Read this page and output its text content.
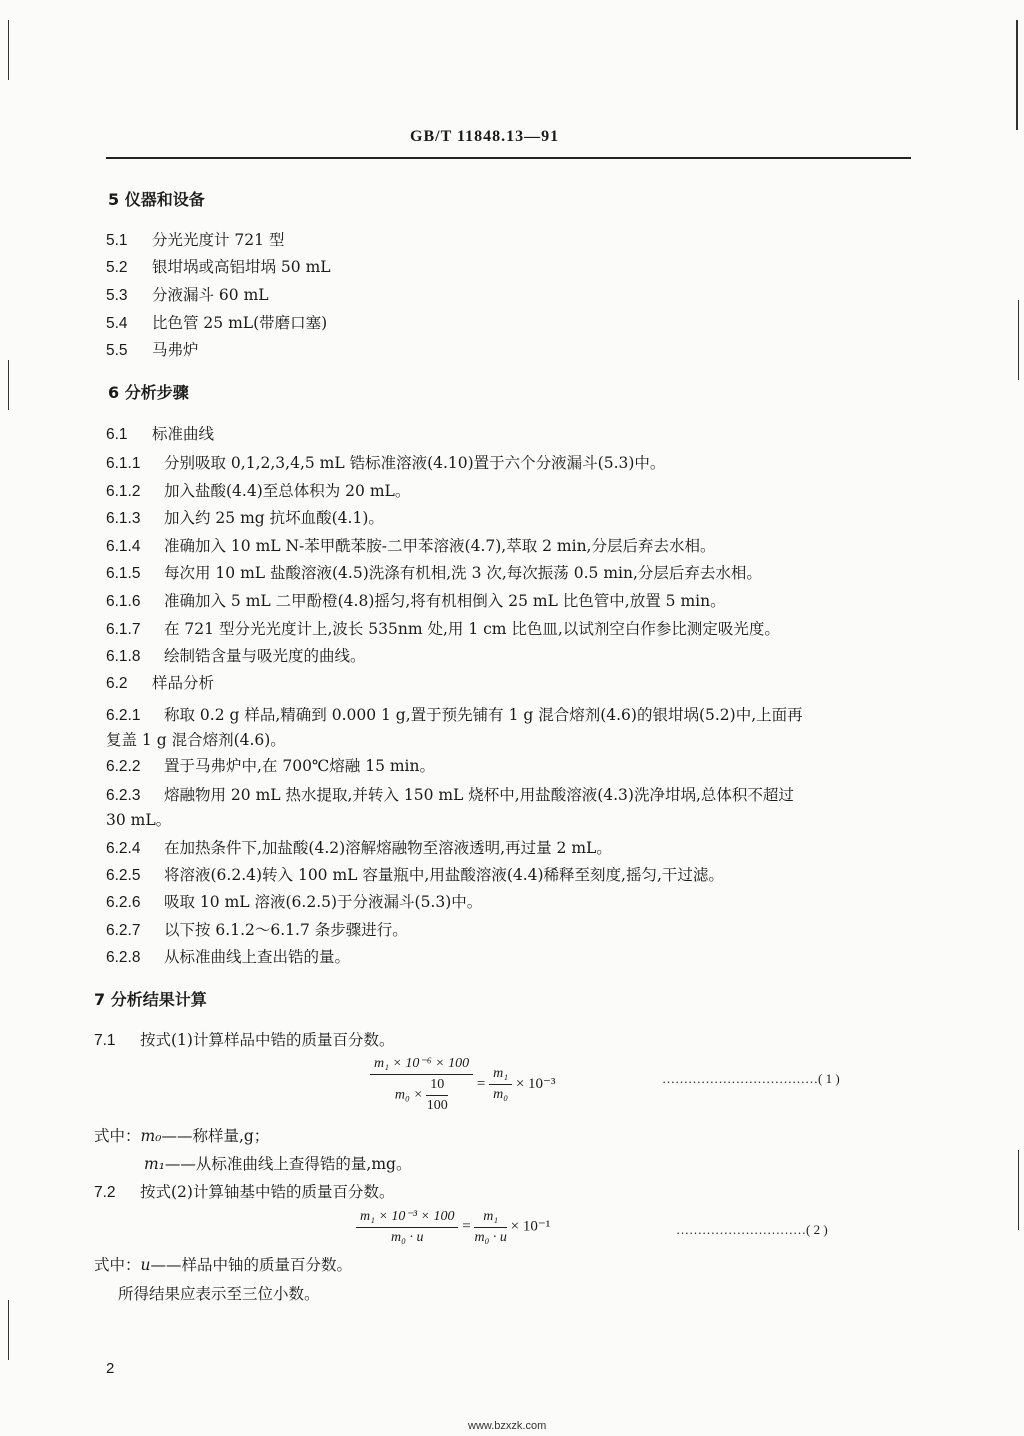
GB/T 11848.13—91
5 仪器和设备
5.1 分光光度计 721 型
5.2 银坩埚或高铝坩埚 50 mL
5.3 分液漏斗 60 mL
5.4 比色管 25 mL(带磨口塞)
5.5 马弗炉
6 分析步骤
6.1 标准曲线
6.1.1 分别吸取 0,1,2,3,4,5 mL 锆标准溶液(4.10)置于六个分液漏斗(5.3)中。
6.1.2 加入盐酸(4.4)至总体积为 20 mL。
6.1.3 加入约 25 mg 抗坏血酸(4.1)。
6.1.4 准确加入 10 mL N-苯甲酰苯胺-二甲苯溶液(4.7),萃取 2 min,分层后弃去水相。
6.1.5 每次用 10 mL 盐酸溶液(4.5)洗涤有机相,洗 3 次,每次振荡 0.5 min,分层后弃去水相。
6.1.6 准确加入 5 mL 二甲酚橙(4.8)摇匀,将有机相倒入 25 mL 比色管中,放置 5 min。
6.1.7 在 721 型分光光度计上,波长 535nm 处,用 1 cm 比色皿,以试剂空白作参比测定吸光度。
6.1.8 绘制锆含量与吸光度的曲线。
6.2 样品分析
6.2.1 称取 0.2 g 样品,精确到 0.000 1 g,置于预先铺有 1 g 混合熔剂(4.6)的银坩埚(5.2)中,上面再
复盖 1 g 混合熔剂(4.6)。
6.2.2 置于马弗炉中,在 700℃熔融 15 min。
6.2.3 熔融物用 20 mL 热水提取,并转入 150 mL 烧杯中,用盐酸溶液(4.3)洗净坩埚,总体积不超过
30 mL。
6.2.4 在加热条件下,加盐酸(4.2)溶解熔融物至溶液透明,再过量 2 mL。
6.2.5 将溶液(6.2.4)转入 100 mL 容量瓶中,用盐酸溶液(4.4)稀释至刻度,摇匀,干过滤。
6.2.6 吸取 10 mL 溶液(6.2.5)于分液漏斗(5.3)中。
6.2.7 以下按 6.1.2～6.1.7 条步骤进行。
6.2.8 从标准曲线上查出锆的量。
7 分析结果计算
7.1 按式(1)计算样品中锆的质量百分数。
$\frac{\text{m₁ × 10⁻⁶ × 100}}{m_0 \times \frac{10}{100}} = \frac{\text{m₁}}{\text{m₀}} \times 10^{-3}$	………………………………( 1 )
式中：m₀——称样量,g；
m₁——从标准曲线上查得锆的量,mg。
7.2 按式(2)计算铀基中锆的质量百分数。
$\frac{\text{m₁ × 10⁻³ × 100}}{\text{m₀ · u}} = \frac{\text{m₁}}{\text{m₀ · u}} \times 10^{-1}$	…………………………( 2 )
式中：u——样品中铀的质量百分数。
所得结果应表示至三位小数。
2
www.bzxzk.com
